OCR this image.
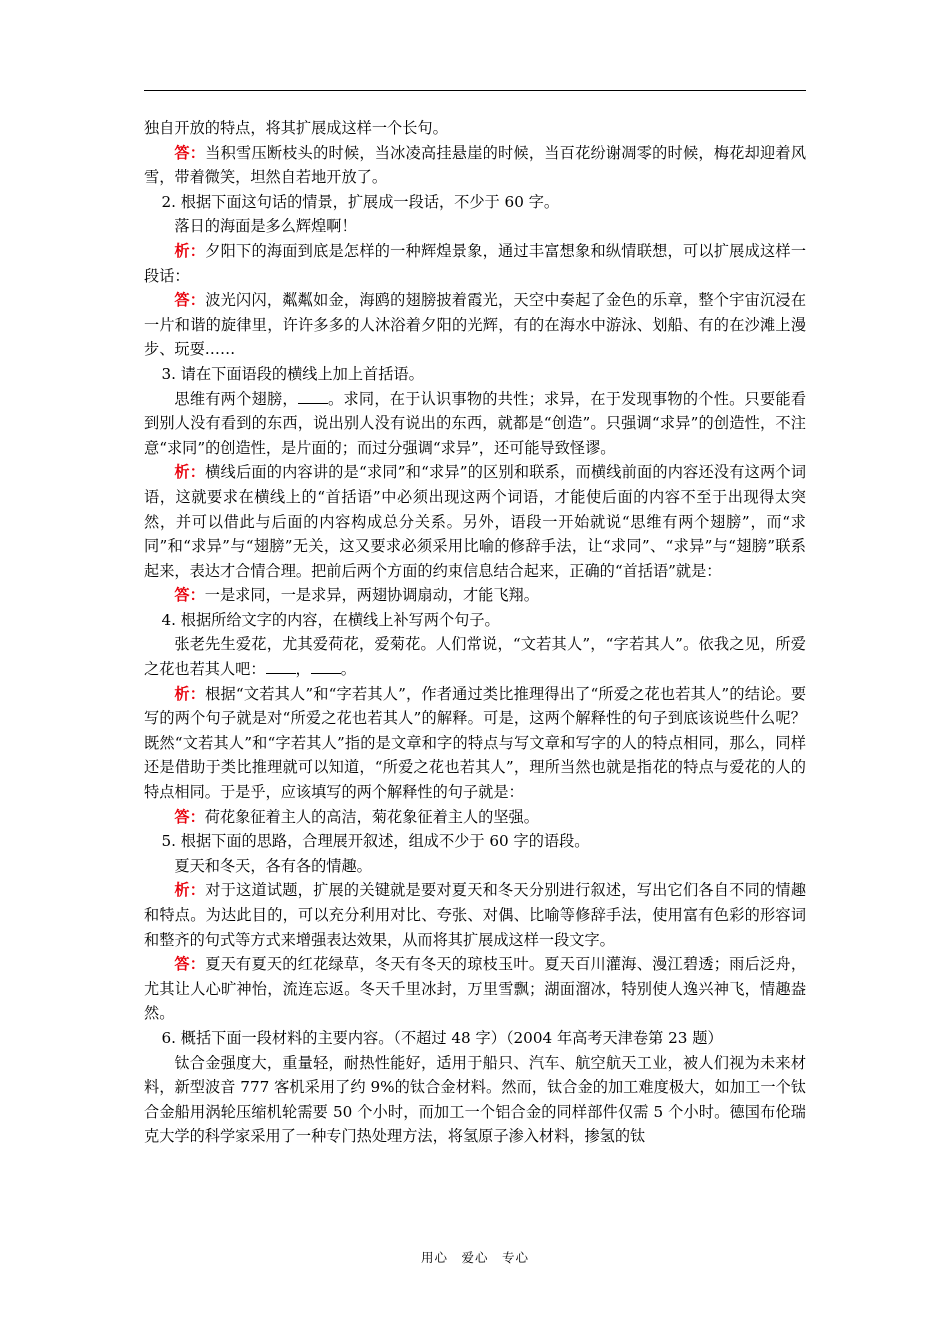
独自开放的特点，将其扩展成这样一个长句。

答：当积雪压断枝头的时候，当冰凌高挂悬崖的时候，当百花纷谢凋零的时候，梅花却迎着风雪，带着微笑，坦然自若地开放了。

2. 根据下面这句话的情景，扩展成一段话，不少于 60 字。

落日的海面是多么辉煌啊！

析：夕阳下的海面到底是怎样的一种辉煌景象，通过丰富想象和纵情联想，可以扩展成这样一段话：

答：波光闪闪，粼粼如金，海鸥的翅膀披着霞光，天空中奏起了金色的乐章，整个宇宙沉浸在一片和谐的旋律里，许许多多的人沐浴着夕阳的光辉，有的在海水中游泳、划船、有的在沙滩上漫步、玩耍……

3. 请在下面语段的横线上加上首括语。

思维有两个翅膀， 。求同，在于认识事物的共性；求异，在于发现事物的个性。只要能看到别人没有看到的东西，说出别人没有说出的东西，就都是“创造”。只强调“求异”的创造性，不注意“求同”的创造性，是片面的；而过分强调“求异”，还可能导致怪谬。

析：横线后面的内容讲的是“求同”和“求异”的区别和联系，而横线前面的内容还没有这两个词语，这就要求在横线上的“首括语”中必须出现这两个词语，才能使后面的内容不至于出现得太突然，并可以借此与后面的内容构成总分关系。另外，语段一开始就说“思维有两个翅膀”，而“求同”和“求异”与“翅膀”无关，这又要求必须采用比喻的修辞手法，让“求同”、“求异”与“翅膀”联系起来，表达才合情合理。把前后两个方面的约束信息结合起来，正确的“首括语”就是：

答：一是求同，一是求异，两翅协调扇动，才能飞翔。

4. 根据所给文字的内容，在横线上补写两个句子。

张老先生爱花，尤其爱荷花，爱菊花。人们常说，“文若其人”，“字若其人”。依我之见，所爱之花也若其人吧： ， 。

析：根据“文若其人”和“字若其人”，作者通过类比推理得出了“所爱之花也若其人”的结论。要写的两个句子就是对“所爱之花也若其人”的解释。可是，这两个解释性的句子到底该说些什么呢？既然“文若其人”和“字若其人”指的是文章和字的特点与写文章和写字的人的特点相同，那么，同样还是借助于类比推理就可以知道，“所爱之花也若其人”，理所当然也就是指花的特点与爱花的人的特点相同。于是乎，应该填写的两个解释性的句子就是：

答：荷花象征着主人的高洁，菊花象征着主人的坚强。

5. 根据下面的思路，合理展开叙述，组成不少于 60 字的语段。

夏天和冬天，各有各的情趣。

析：对于这道试题，扩展的关键就是要对夏天和冬天分别进行叙述，写出它们各自不同的情趣和特点。为达此目的，可以充分利用对比、夸张、对偶、比喻等修辞手法，使用富有色彩的形容词和整齐的句式等方式来增强表达效果，从而将其扩展成这样一段文字。

答：夏天有夏天的红花绿草，冬天有冬天的琼枝玉叶。夏天百川灌海、漫江碧透；雨后泛舟，尤其让人心旷神怡，流连忘返。冬天千里冰封，万里雪飘；湖面溜冰，特别使人逸兴神飞，情趣盎然。

6. 概括下面一段材料的主要内容。（不超过 48 字）（2004 年高考天津卷第 23 题）

钛合金强度大，重量轻，耐热性能好，适用于船只、汽车、航空航天工业，被人们视为未来材料，新型波音 777 客机采用了约 9%的钛合金材料。然而，钛合金的加工难度极大，如加工一个钛合金船用涡轮压缩机轮需要 50 个小时，而加工一个铝合金的同样部件仅需 5 个小时。德国布伦瑞克大学的科学家采用了一种专门热处理方法，将氢原子渗入材料，掺氢的钛

用心　爱心　专心
